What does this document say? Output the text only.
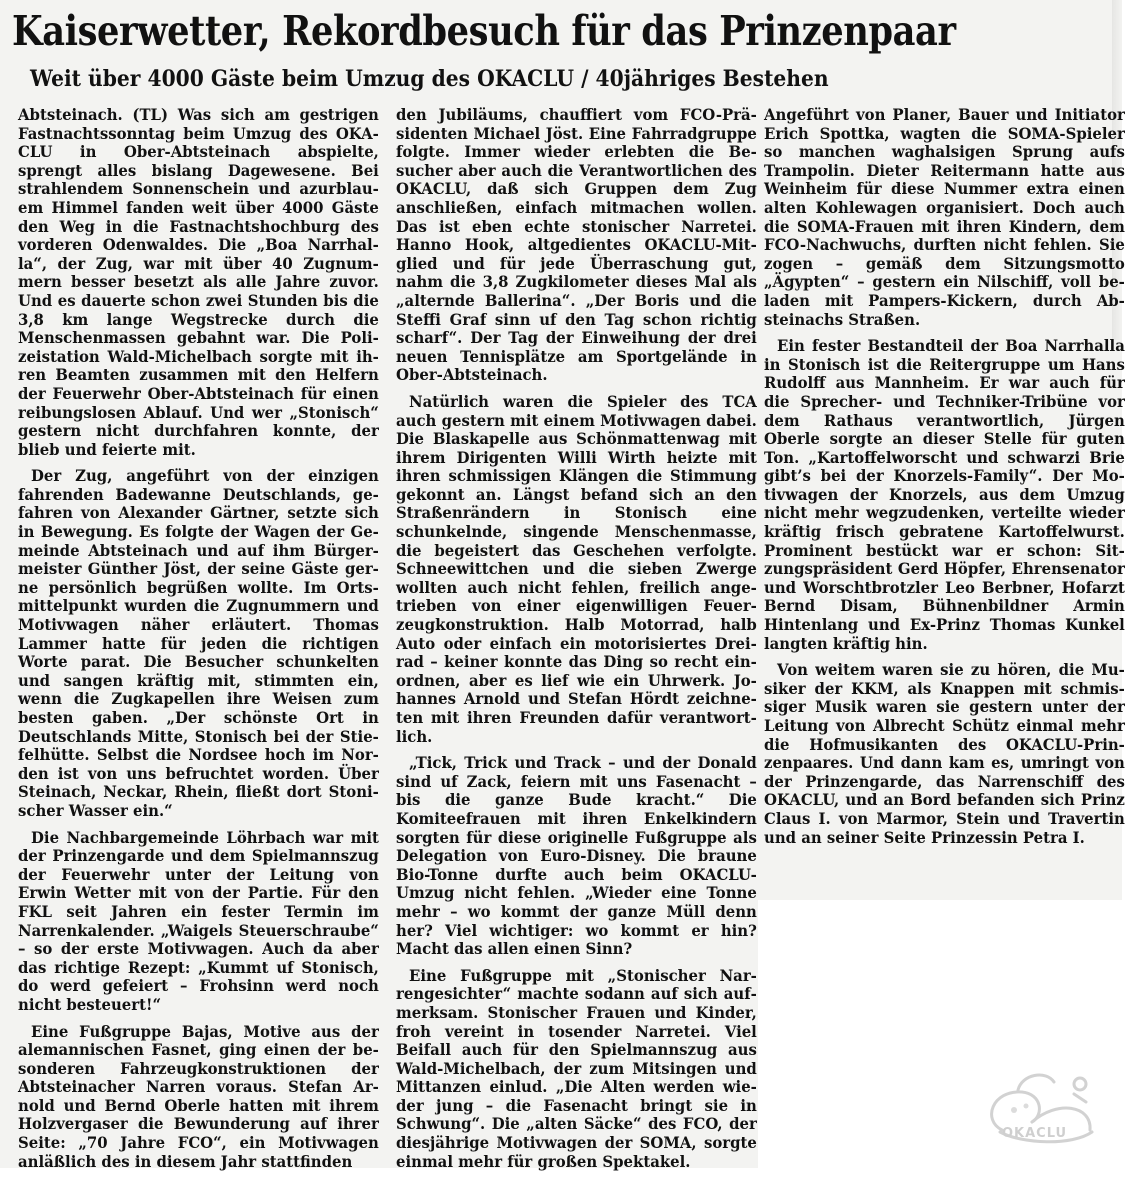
Kaiserwetter, Rekordbesuch für das Prinzenpaar
Weit über 4000 Gäste beim Umzug des OKACLU / 40jähriges Bestehen

Abtsteinach. (TL) Was sich am gestrigen Fastnachtssonntag beim Umzug des OKACLU in Ober-Abtsteinach abspielte, sprengt alles bislang Dagewesene. Bei strahlendem Sonnenschein und azurblauem Himmel fanden weit über 4000 Gäste den Weg in die Fastnachtshochburg des vorderen Odenwaldes. Die „Boa Narrhalla“, der Zug, war mit über 40 Zugnummern besser besetzt als alle Jahre zuvor. Und es dauerte schon zwei Stunden bis die 3,8 km lange Wegstrecke durch die Menschenmassen gebahnt war. Die Polizeistation Wald-Michelbach sorgte mit ihren Beamten zusammen mit den Helfern der Feuerwehr Ober-Abtsteinach für einen reibungslosen Ablauf. Und wer „Stonisch“ gestern nicht durchfahren konnte, der blieb und feierte mit.

Der Zug, angeführt von der einzigen fahrenden Badewanne Deutschlands, gefahren von Alexander Gärtner, setzte sich in Bewegung. Es folgte der Wagen der Gemeinde Abtsteinach und auf ihm Bürgermeister Günther Jöst, der seine Gäste gerne persönlich begrüßen wollte. Im Ortsmittelpunkt wurden die Zugnummern und Motivwagen näher erläutert. Thomas Lammer hatte für jeden die richtigen Worte parat. Die Besucher schunkelten und sangen kräftig mit, stimmten ein, wenn die Zugkapellen ihre Weisen zum besten gaben. „Der schönste Ort in Deutschlands Mitte, Stonisch bei der Stiefelhütte. Selbst die Nordsee hoch im Norden ist von uns befruchtet worden. Über Steinach, Neckar, Rhein, fließt dort Stonischer Wasser ein.“

Die Nachbargemeinde Löhrbach war mit der Prinzengarde und dem Spielmannszug der Feuerwehr unter der Leitung von Erwin Wetter mit von der Partie. Für den FKL seit Jahren ein fester Termin im Narrenkalender. „Waigels Steuerschraube“ – so der erste Motivwagen. Auch da aber das richtige Rezept: „Kummt uf Stonisch, do werd gefeiert – Frohsinn werd noch nicht besteuert!“

Eine Fußgruppe Bajas, Motive aus der alemannischen Fasnet, ging einen der besonderen Fahrzeugkonstruktionen der Abtsteinacher Narren voraus. Stefan Arnold und Bernd Oberle hatten mit ihrem Holzvergaser die Bewunderung auf ihrer Seite: „70 Jahre FCO“, ein Motivwagen anläßlich des in diesem Jahr stattfinden

den Jubiläums, chauffiert vom FCO-Präsidenten Michael Jöst. Eine Fahrradgruppe folgte. Immer wieder erlebten die Besucher aber auch die Verantwortlichen des OKACLU, daß sich Gruppen dem Zug anschließen, einfach mitmachen wollen. Das ist eben echte stonischer Narretei. Hanno Hook, altgedientes OKACLU-Mitglied und für jede Überraschung gut, nahm die 3,8 Zugkilometer dieses Mal als „alternde Ballerina“. „Der Boris und die Steffi Graf sinn uf den Tag schon richtig scharf“. Der Tag der Einweihung der drei neuen Tennisplätze am Sportgelände in Ober-Abtsteinach.

Natürlich waren die Spieler des TCA auch gestern mit einem Motivwagen dabei. Die Blaskapelle aus Schönmattenwag mit ihrem Dirigenten Willi Wirth heizte mit ihren schmissigen Klängen die Stimmung gekonnt an. Längst befand sich an den Straßenrändern in Stonisch eine schunkelnde, singende Menschenmasse, die begeistert das Geschehen verfolgte. Schneewittchen und die sieben Zwerge wollten auch nicht fehlen, freilich angetrieben von einer eigenwilligen Feuerzeugkonstruktion. Halb Motorrad, halb Auto oder einfach ein motorisiertes Dreirad – keiner konnte das Ding so recht einordnen, aber es lief wie ein Uhrwerk. Johannes Arnold und Stefan Hördt zeichneten mit ihren Freunden dafür verantwortlich.

„Tick, Trick und Track – und der Donald sind uf Zack, feiern mit uns Fasenacht – bis die ganze Bude kracht.“ Die Komiteefrauen mit ihren Enkelkindern sorgten für diese originelle Fußgruppe als Delegation von Euro-Disney. Die braune Bio-Tonne durfte auch beim OKACLU-Umzug nicht fehlen. „Wieder eine Tonne mehr – wo kommt der ganze Müll denn her? Viel wichtiger: wo kommt er hin? Macht das allen einen Sinn?

Eine Fußgruppe mit „Stonischer Narrengesichter“ machte sodann auf sich aufmerksam. Stonischer Frauen und Kinder, froh vereint in tosender Narretei. Viel Beifall auch für den Spielmannszug aus Wald-Michelbach, der zum Mitsingen und Mittanzen einlud. „Die Alten werden wieder jung – die Fasenacht bringt sie in Schwung“. Die „alten Säcke“ des FCO, der diesjährige Motivwagen der SOMA, sorgte einmal mehr für großen Spektakel.

Angeführt von Planer, Bauer und Initiator Erich Spottka, wagten die SOMA-Spieler so manchen waghalsigen Sprung aufs Trampolin. Dieter Reitermann hatte aus Weinheim für diese Nummer extra einen alten Kohlewagen organisiert. Doch auch die SOMA-Frauen mit ihren Kindern, dem FCO-Nachwuchs, durften nicht fehlen. Sie zogen – gemäß dem Sitzungsmotto „Ägypten“ – gestern ein Nilschiff, voll beladen mit Pampers-Kickern, durch Absteinachs Straßen.

Ein fester Bestandteil der Boa Narrhalla in Stonisch ist die Reitergruppe um Hans Rudolff aus Mannheim. Er war auch für die Sprecher- und Techniker-Tribüne vor dem Rathaus verantwortlich, Jürgen Oberle sorgte an dieser Stelle für guten Ton. „Kartoffelworscht und schwarzi Brie gibt’s bei der Knorzels-Family“. Der Motivwagen der Knorzels, aus dem Umzug nicht mehr wegzudenken, verteilte wieder kräftig frisch gebratene Kartoffelwurst. Prominent bestückt war er schon: Sitzungspräsident Gerd Höpfer, Ehrensenator und Worschtbrotzler Leo Berbner, Hofarzt Bernd Disam, Bühnenbildner Armin Hintenlang und Ex-Prinz Thomas Kunkel langten kräftig hin.

Von weitem waren sie zu hören, die Musiker der KKM, als Knappen mit schmissiger Musik waren sie gestern unter der Leitung von Albrecht Schütz einmal mehr die Hofmusikanten des OKACLU-Prinzenpaares. Und dann kam es, umringt von der Prinzengarde, das Narrenschiff des OKACLU, und an Bord befanden sich Prinz Claus I. von Marmor, Stein und Travertin und an seiner Seite Prinzessin Petra I.

OKACLU
